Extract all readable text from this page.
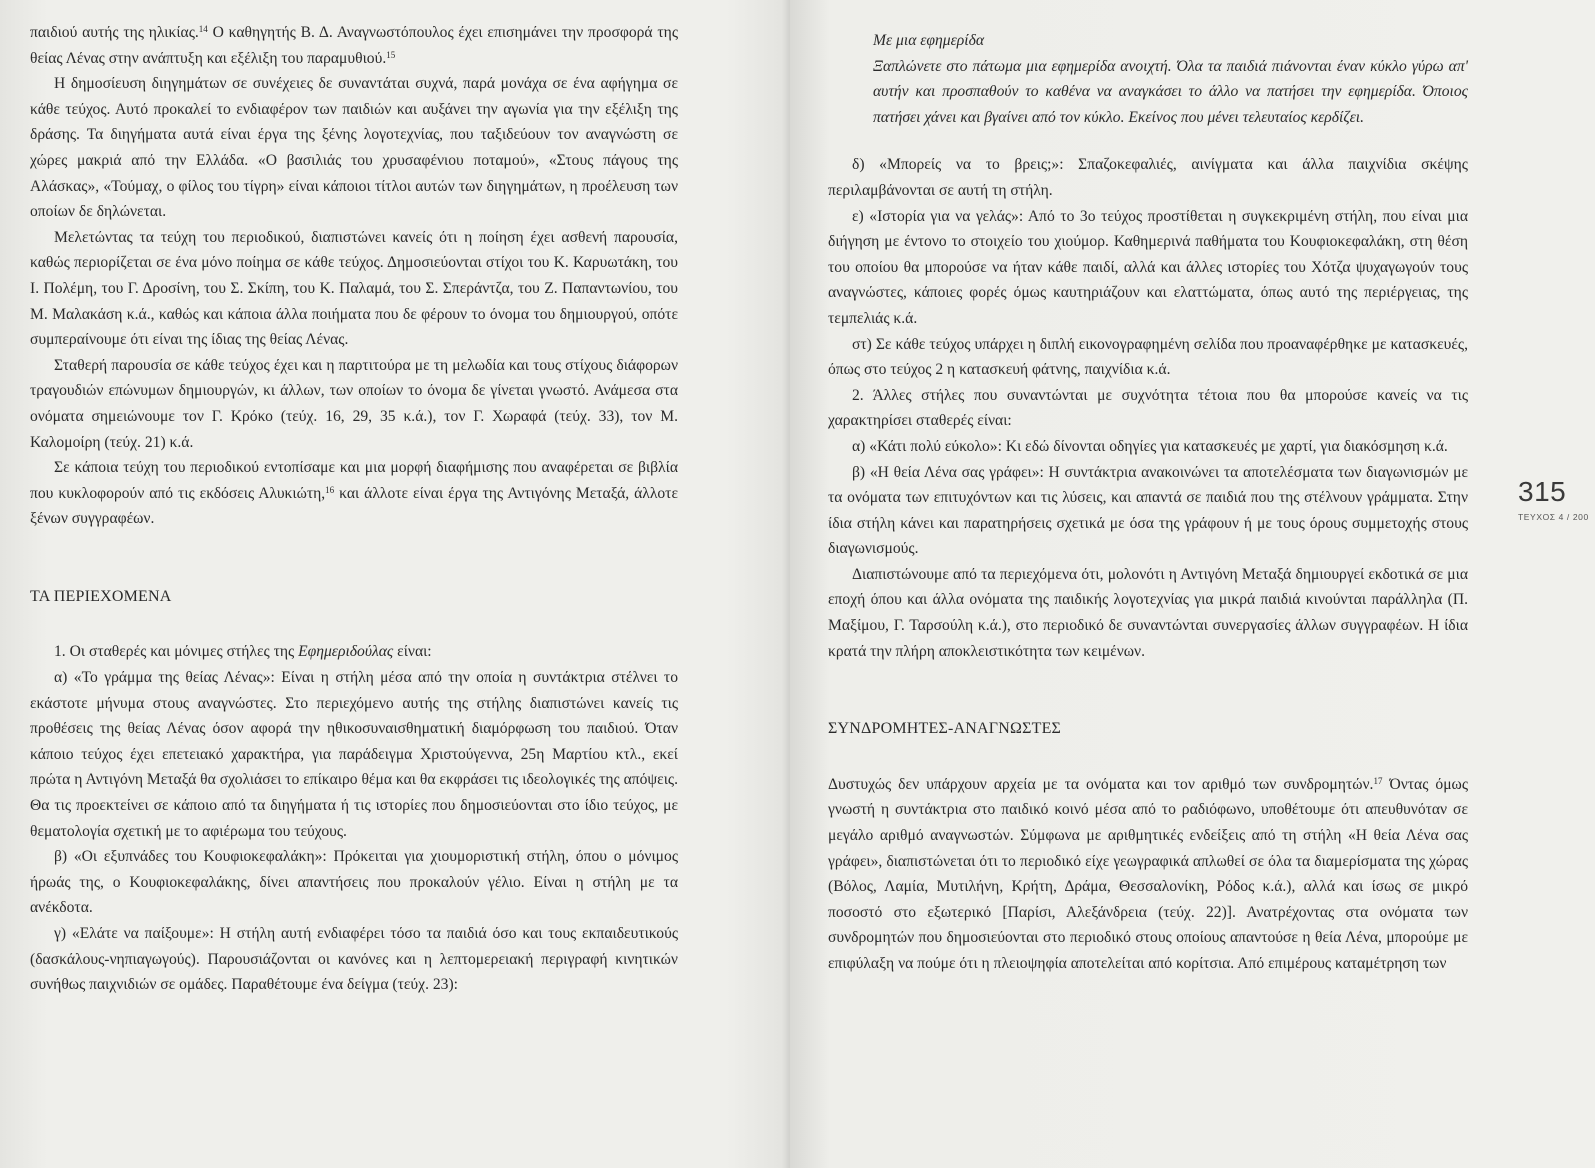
παιδιού αυτής της ηλικίας.$^{14}$ Ο καθηγητής Β. Δ. Αναγνωστόπουλος έχει επισημάνει την προσφορά της θείας Λένας στην ανάπτυξη και εξέλιξη του παραμυθιού.$^{15}$

Η δημοσίευση διηγημάτων σε συνέχειες δε συναντάται συχνά, παρά μονάχα σε ένα αφήγημα σε κάθε τεύχος. Αυτό προκαλεί το ενδιαφέρον των παιδιών και αυξάνει την αγωνία για την εξέλιξη της δράσης. Τα διηγήματα αυτά είναι έργα της ξένης λογοτεχνίας, που ταξιδεύουν τον αναγνώστη σε χώρες μακριά από την Ελλάδα. «Ο βασιλιάς του χρυσαφένιου ποταμού», «Στους πάγους της Αλάσκας», «Τούμαχ, ο φίλος του τίγρη» είναι κάποιοι τίτλοι αυτών των διηγημάτων, η προέλευση των οποίων δε δηλώνεται.

Μελετώντας τα τεύχη του περιοδικού, διαπιστώνει κανείς ότι η ποίηση έχει ασθενή παρουσία, καθώς περιορίζεται σε ένα μόνο ποίημα σε κάθε τεύχος. Δημοσιεύονται στίχοι του Κ. Καρυωτάκη, του Ι. Πολέμη, του Γ. Δροσίνη, του Σ. Σκίπη, του Κ. Παλαμά, του Σ. Σπεράντζα, του Ζ. Παπαντωνίου, του Μ. Μαλακάση κ.ά., καθώς και κάποια άλλα ποιήματα που δε φέρουν το όνομα του δημιουργού, οπότε συμπεραίνουμε ότι είναι της ίδιας της θείας Λένας.

Σταθερή παρουσία σε κάθε τεύχος έχει και η παρτιτούρα με τη μελωδία και τους στίχους διάφορων τραγουδιών επώνυμων δημιουργών, κι άλλων, των οποίων το όνομα δε γίνεται γνωστό. Ανάμεσα στα ονόματα σημειώνουμε τον Γ. Κρόκο (τεύχ. 16, 29, 35 κ.ά.), τον Γ. Χωραφά (τεύχ. 33), τον Μ. Καλομοίρη (τεύχ. 21) κ.ά.

Σε κάποια τεύχη του περιοδικού εντοπίσαμε και μια μορφή διαφήμισης που αναφέρεται σε βιβλία που κυκλοφορούν από τις εκδόσεις Αλυκιώτη,$^{16}$ και άλλοτε είναι έργα της Αντιγόνης Μεταξά, άλλοτε ξένων συγγραφέων.

ΤΑ ΠΕΡΙΕΧΟΜΕΝΑ

1. Οι σταθερές και μόνιμες στήλες της Εφημεριδούλας είναι:

α) «Το γράμμα της θείας Λένας»: Είναι η στήλη μέσα από την οποία η συντάκτρια στέλνει το εκάστοτε μήνυμα στους αναγνώστες. Στο περιεχόμενο αυτής της στήλης διαπιστώνει κανείς τις προθέσεις της θείας Λένας όσον αφορά την ηθικοσυναισθηματική διαμόρφωση του παιδιού. Όταν κάποιο τεύχος έχει επετειακό χαρακτήρα, για παράδειγμα Χριστούγεννα, 25η Μαρτίου κτλ., εκεί πρώτα η Αντιγόνη Μεταξά θα σχολιάσει το επίκαιρο θέμα και θα εκφράσει τις ιδεολογικές της απόψεις. Θα τις προεκτείνει σε κάποιο από τα διηγήματα ή τις ιστορίες που δημοσιεύονται στο ίδιο τεύχος, με θεματολογία σχετική με το αφιέρωμα του τεύχους.

β) «Οι εξυπνάδες του Κουφιοκεφαλάκη»: Πρόκειται για χιουμοριστική στήλη, όπου ο μόνιμος ήρωάς της, ο Κουφιοκεφαλάκης, δίνει απαντήσεις που προκαλούν γέλιο. Είναι η στήλη με τα ανέκδοτα.

γ) «Ελάτε να παίξουμε»: Η στήλη αυτή ενδιαφέρει τόσο τα παιδιά όσο και τους εκπαιδευτικούς (δασκάλους-νηπιαγωγούς). Παρουσιάζονται οι κανόνες και η λεπτομερειακή περιγραφή κινητικών συνήθως παιχνιδιών σε ομάδες. Παραθέτουμε ένα δείγμα (τεύχ. 23):

Με μια εφημερίδα

Ξαπλώνετε στο πάτωμα μια εφημερίδα ανοιχτή. Όλα τα παιδιά πιάνονται έναν κύκλο γύρω απ' αυτήν και προσπαθούν το καθένα να αναγκάσει το άλλο να πατήσει την εφημερίδα. Όποιος πατήσει χάνει και βγαίνει από τον κύκλο. Εκείνος που μένει τελευταίος κερδίζει.

δ) «Μπορείς να το βρεις;»: Σπαζοκεφαλιές, αινίγματα και άλλα παιχνίδια σκέψης περιλαμβάνονται σε αυτή τη στήλη.

ε) «Ιστορία για να γελάς»: Από το 3ο τεύχος προστίθεται η συγκεκριμένη στήλη, που είναι μια διήγηση με έντονο το στοιχείο του χιούμορ. Καθημερινά παθήματα του Κουφιοκεφαλάκη, στη θέση του οποίου θα μπορούσε να ήταν κάθε παιδί, αλλά και άλλες ιστορίες του Χότζα ψυχαγωγούν τους αναγνώστες, κάποιες φορές όμως καυτηριάζουν και ελαττώματα, όπως αυτό της περιέργειας, της τεμπελιάς κ.ά.

στ) Σε κάθε τεύχος υπάρχει η διπλή εικονογραφημένη σελίδα που προαναφέρθηκε με κατασκευές, όπως στο τεύχος 2 η κατασκευή φάτνης, παιχνίδια κ.ά.

2. Άλλες στήλες που συναντώνται με συχνότητα τέτοια που θα μπορούσε κανείς να τις χαρακτηρίσει σταθερές είναι:

α) «Κάτι πολύ εύκολο»: Κι εδώ δίνονται οδηγίες για κατασκευές με χαρτί, για διακόσμηση κ.ά.

β) «Η θεία Λένα σας γράφει»: Η συντάκτρια ανακοινώνει τα αποτελέσματα των διαγωνισμών με τα ονόματα των επιτυχόντων και τις λύσεις, και απαντά σε παιδιά που της στέλνουν γράμματα. Στην ίδια στήλη κάνει και παρατηρήσεις σχετικά με όσα της γράφουν ή με τους όρους συμμετοχής στους διαγωνισμούς.

Διαπιστώνουμε από τα περιεχόμενα ότι, μολονότι η Αντιγόνη Μεταξά δημιουργεί εκδοτικά σε μια εποχή όπου και άλλα ονόματα της παιδικής λογοτεχνίας για μικρά παιδιά κινούνται παράλληλα (Π. Μαξίμου, Γ. Ταρσούλη κ.ά.), στο περιοδικό δε συναντώνται συνεργασίες άλλων συγγραφέων. Η ίδια κρατά την πλήρη αποκλειστικότητα των κειμένων.

ΣΥΝΔΡΟΜΗΤΕΣ-ΑΝΑΓΝΩΣΤΕΣ

Δυστυχώς δεν υπάρχουν αρχεία με τα ονόματα και τον αριθμό των συνδρομητών.$^{17}$ Όντας όμως γνωστή η συντάκτρια στο παιδικό κοινό μέσα από το ραδιόφωνο, υποθέτουμε ότι απευθυνόταν σε μεγάλο αριθμό αναγνωστών. Σύμφωνα με αριθμητικές ενδείξεις από τη στήλη «Η θεία Λένα σας γράφει», διαπιστώνεται ότι το περιοδικό είχε γεωγραφικά απλωθεί σε όλα τα διαμερίσματα της χώρας (Βόλος, Λαμία, Μυτιλήνη, Κρήτη, Δράμα, Θεσσαλονίκη, Ρόδος κ.ά.), αλλά και ίσως σε μικρό ποσοστό στο εξωτερικό [Παρίσι, Αλεξάνδρεια (τεύχ. 22)]. Ανατρέχοντας στα ονόματα των συνδρομητών που δημοσιεύονται στο περιοδικό στους οποίους απαντούσε η θεία Λένα, μπορούμε με επιφύλαξη να πούμε ότι η πλειοψηφία αποτελείται από κορίτσια. Από επιμέρους καταμέτρηση των

315
ΤΕΥΧΟΣ 4 / 200
